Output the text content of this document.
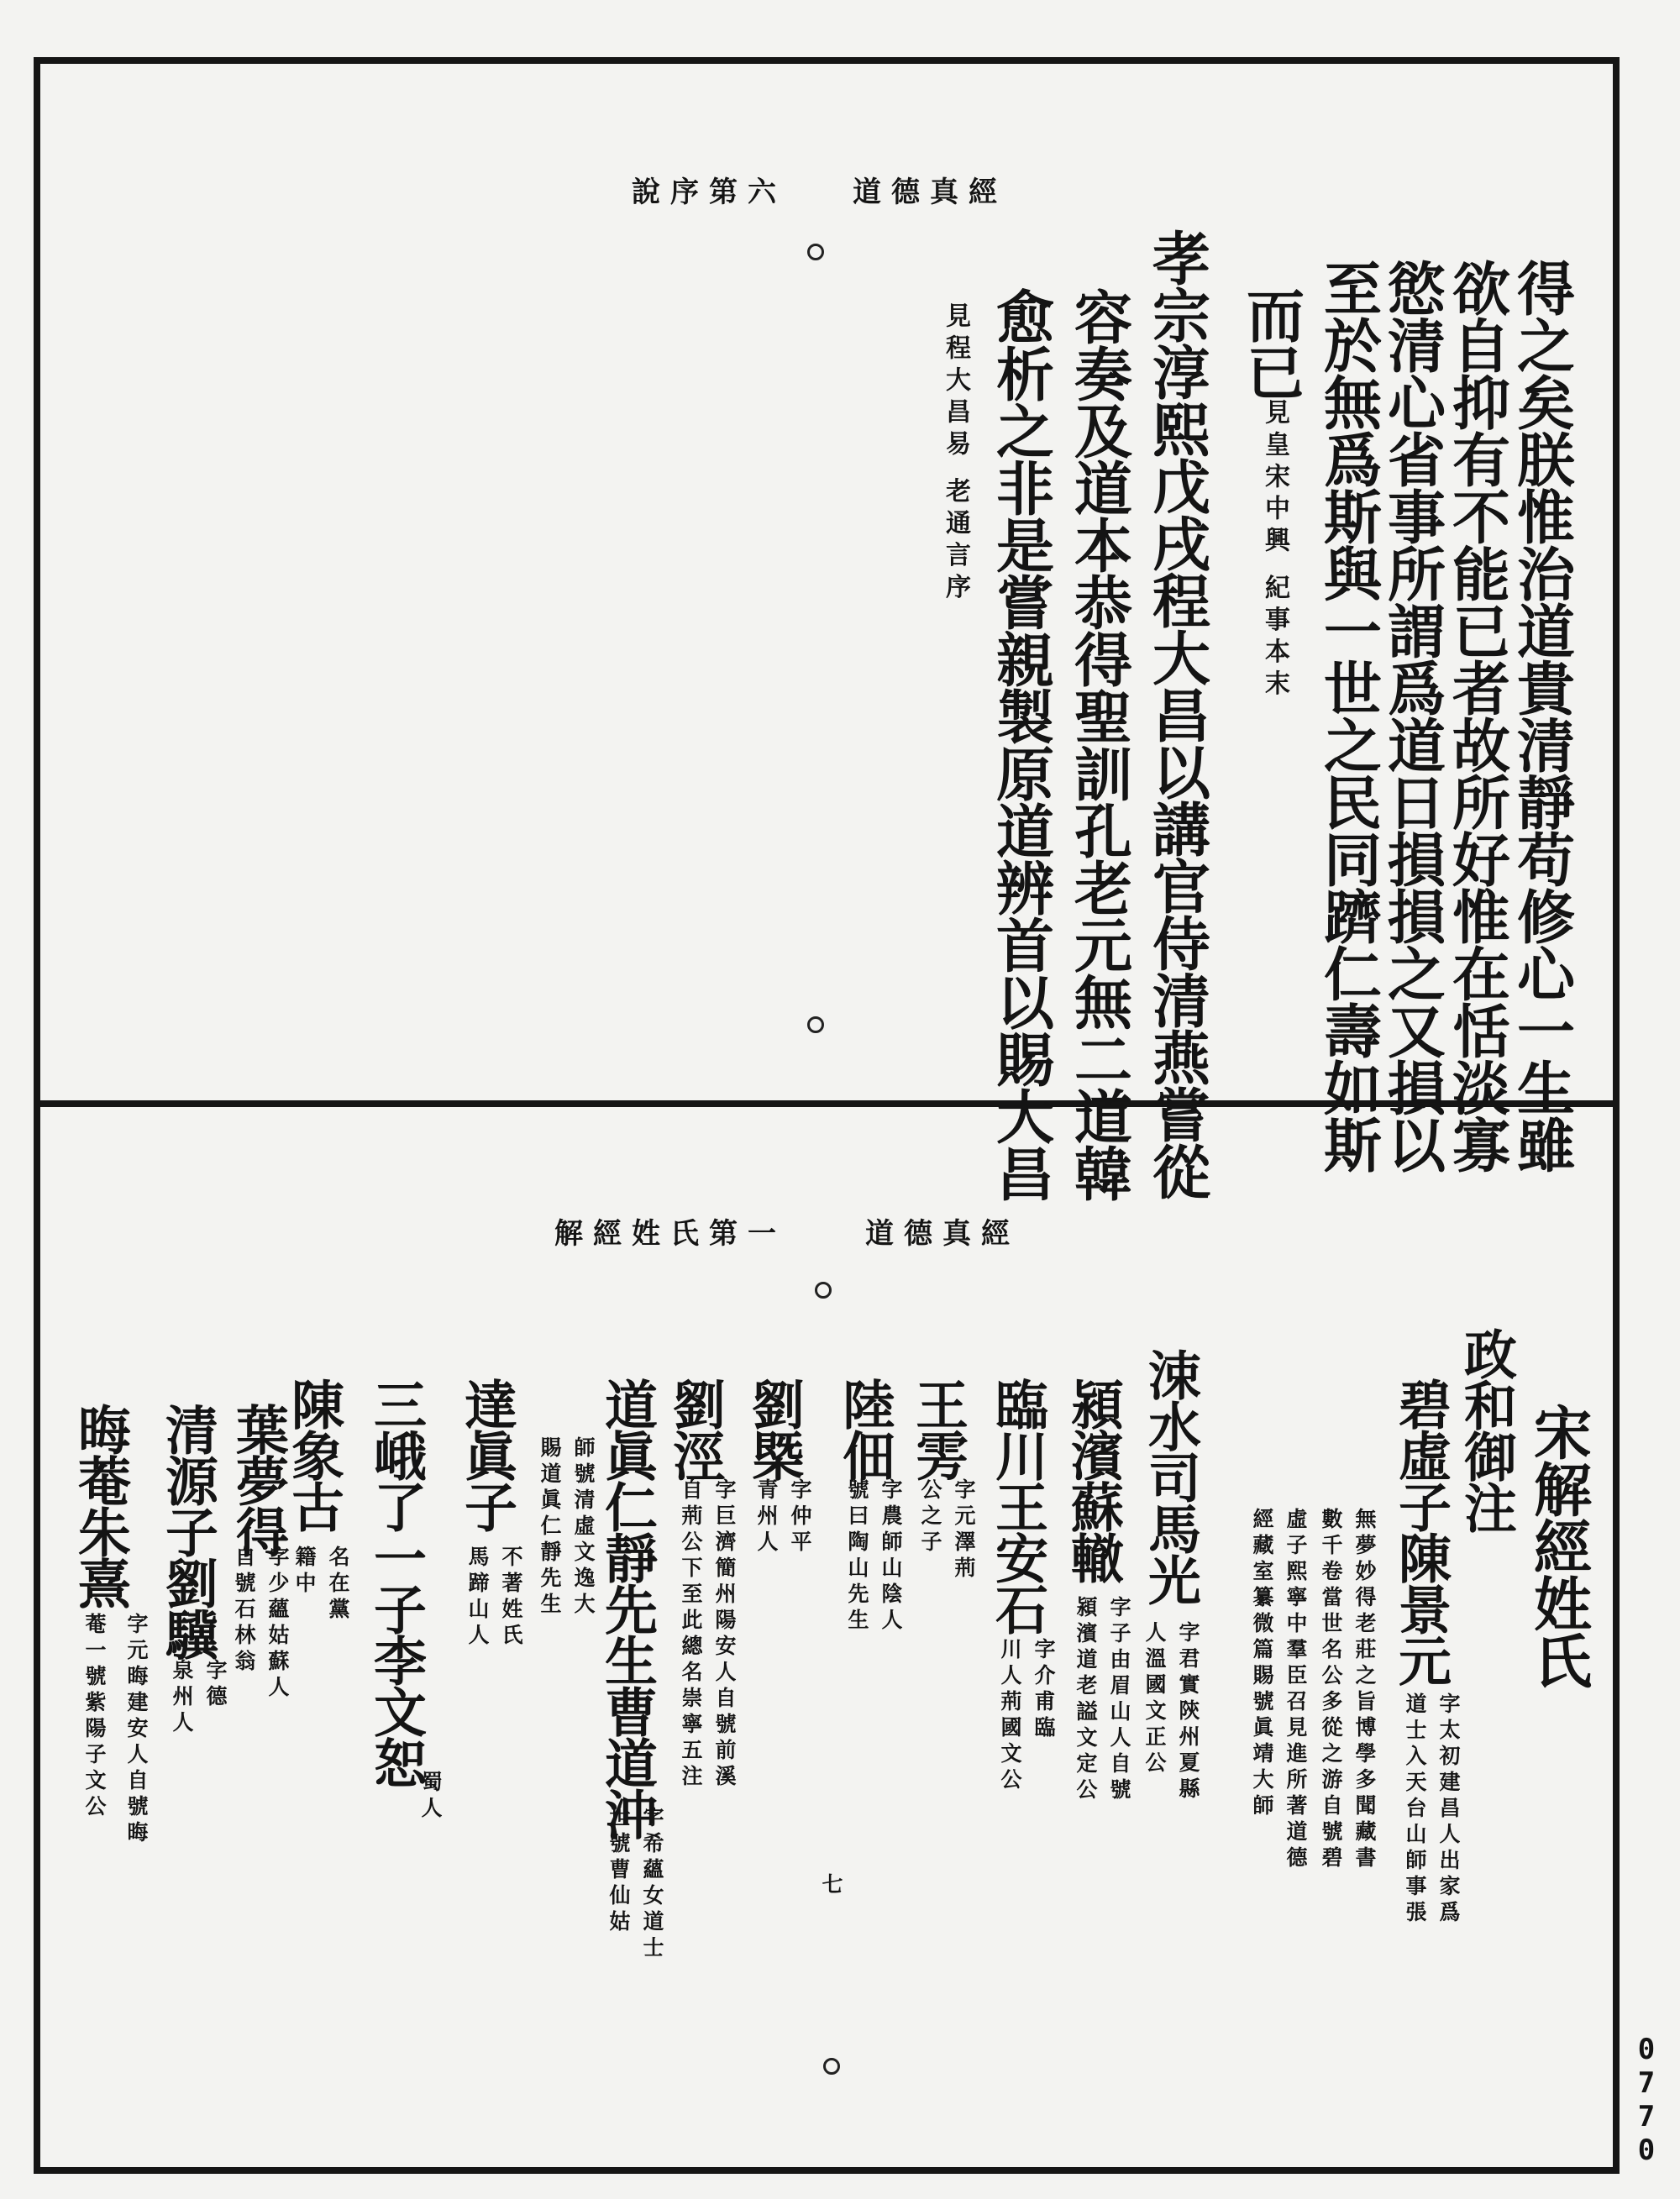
道德真經
說序第六
得之矣朕惟治道貴清靜苟修心一生雖
欲自抑有不能已者故所好惟在恬淡寡
慾清心省事所謂爲道日損損之又損以
至於無爲斯與一世之民同躋仁壽如斯
而已
見皇宋中興 紀事本末
孝宗淳熙戊戌程大昌以講官侍清燕嘗從
容奏及道本恭得聖訓孔老元無二道韓
愈析之非是嘗親製原道辨首以賜大昌
見程大昌易 老通言序
道德真經
解經姓氏第一
宋解經姓氏
政和御注
碧虛子陳景元
字太初建昌人出家爲
道士入天台山師事張
無夢妙得老莊之旨博學多聞藏書
數千卷當世名公多從之游自號碧
虛子熙寧中羣臣召見進所著道德
經藏室纂微篇賜號眞靖大師
涑水司馬光
字君實陝州夏縣
人溫國文正公
潁濱蘇轍
字子由眉山人自號
潁濱道老謚文定公
臨川王安石
字介甫臨
川人荊國文公
王雱
字元澤荊
公之子
陸佃
字農師山陰人
號曰陶山先生
劉槩
字仲平
青州人
七
劉涇
字巨濟簡州陽安人自號前溪
自荊公下至此總名崇寧五注
道眞仁靜先生曹道沖
字希蘊女道士
世號曹仙姑
達眞子
不著姓氏
馬蹄山人	師號清虛文逸大
賜道眞仁靜先生
三峨了一子李文恕
蜀人
陳象古
名在黨
籍中
葉夢得
字少蘊姑蘇人
自號石林翁
清源子劉驥
字德
泉州人
晦菴朱熹
字元晦建安人自號晦
菴一號紫陽子文公
0
7
7
0
